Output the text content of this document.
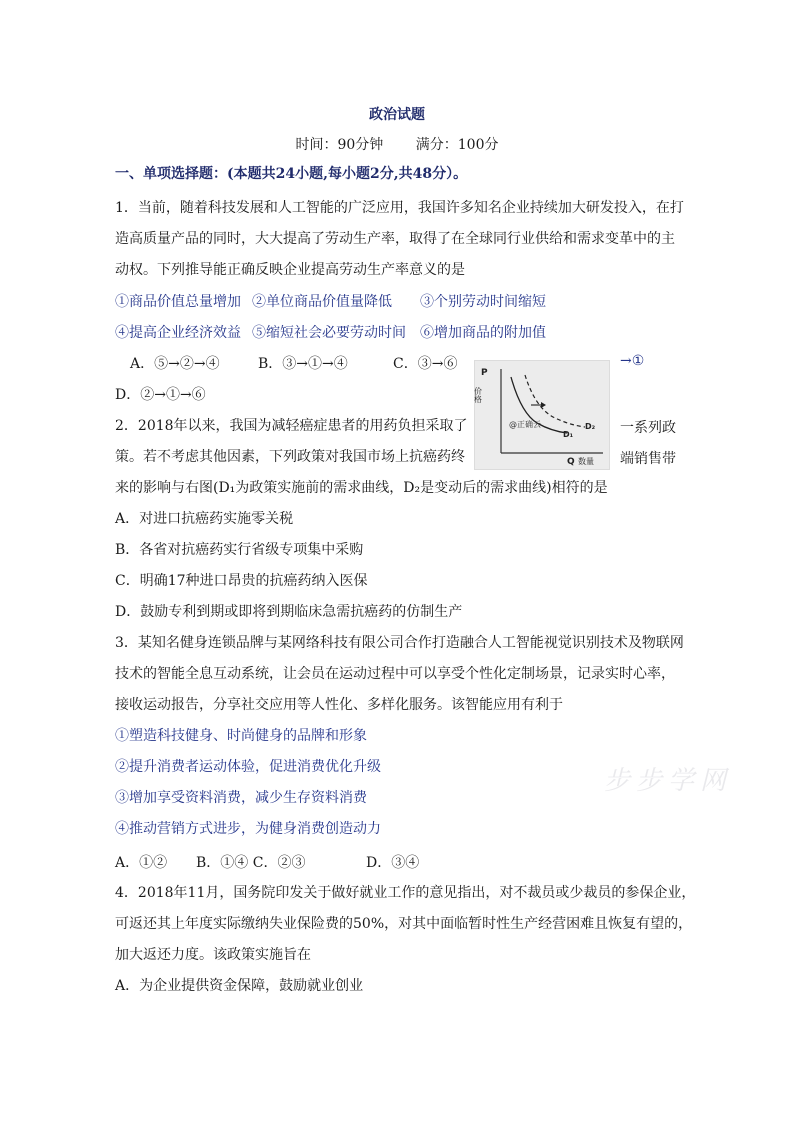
政治试题
时间：90分钟 满分：100分
一、单项选择题：(本题共24小题,每小题2分,共48分）。
1．当前，随着科技发展和人工智能的广泛应用，我国许多知名企业持续加大研发投入，在打
造高质量产品的同时，大大提高了劳动生产率，取得了在全球同行业供给和需求变革中的主
动权。下列推导能正确反映企业提高劳动生产率意义的是
①商品价值总量增加 ②单位商品价值量降低 ③个别劳动时间缩短
④提高企业经济效益 ⑤缩短社会必要劳动时间 ⑥增加商品的附加值
A．⑤→②→④	B．③→①→④	C．③→⑥	→①
D．②→①→⑥
P
价格
Q 数量
@正确云	D₂
D₁
2．2018年以来，我国为减轻癌症患者的用药负担采取了	一系列政
策。若不考虑其他因素，下列政策对我国市场上抗癌药终	端销售带
来的影响与右图(D₁为政策实施前的需求曲线，D₂是变动后的需求曲线)相符的是
A．对进口抗癌药实施零关税
B．各省对抗癌药实行省级专项集中采购
C．明确17种进口昂贵的抗癌药纳入医保
D．鼓励专利到期或即将到期临床急需抗癌药的仿制生产
3．某知名健身连锁品牌与某网络科技有限公司合作打造融合人工智能视觉识别技术及物联网
技术的智能全息互动系统，让会员在运动过程中可以享受个性化定制场景，记录实时心率，
接收运动报告，分享社交应用等人性化、多样化服务。该智能应用有利于
①塑造科技健身、时尚健身的品牌和形象
②提升消费者运动体验，促进消费优化升级
③增加享受资料消费，减少生存资料消费
④推动营销方式进步，为健身消费创造动力
A．①② B．①④ C．②③	D．③④
4．2018年11月，国务院印发关于做好就业工作的意见指出，对不裁员或少裁员的参保企业，
可返还其上年度实际缴纳失业保险费的50%，对其中面临暂时性生产经营困难且恢复有望的，
加大返还力度。该政策实施旨在
A．为企业提供资金保障，鼓励就业创业
步步学网
